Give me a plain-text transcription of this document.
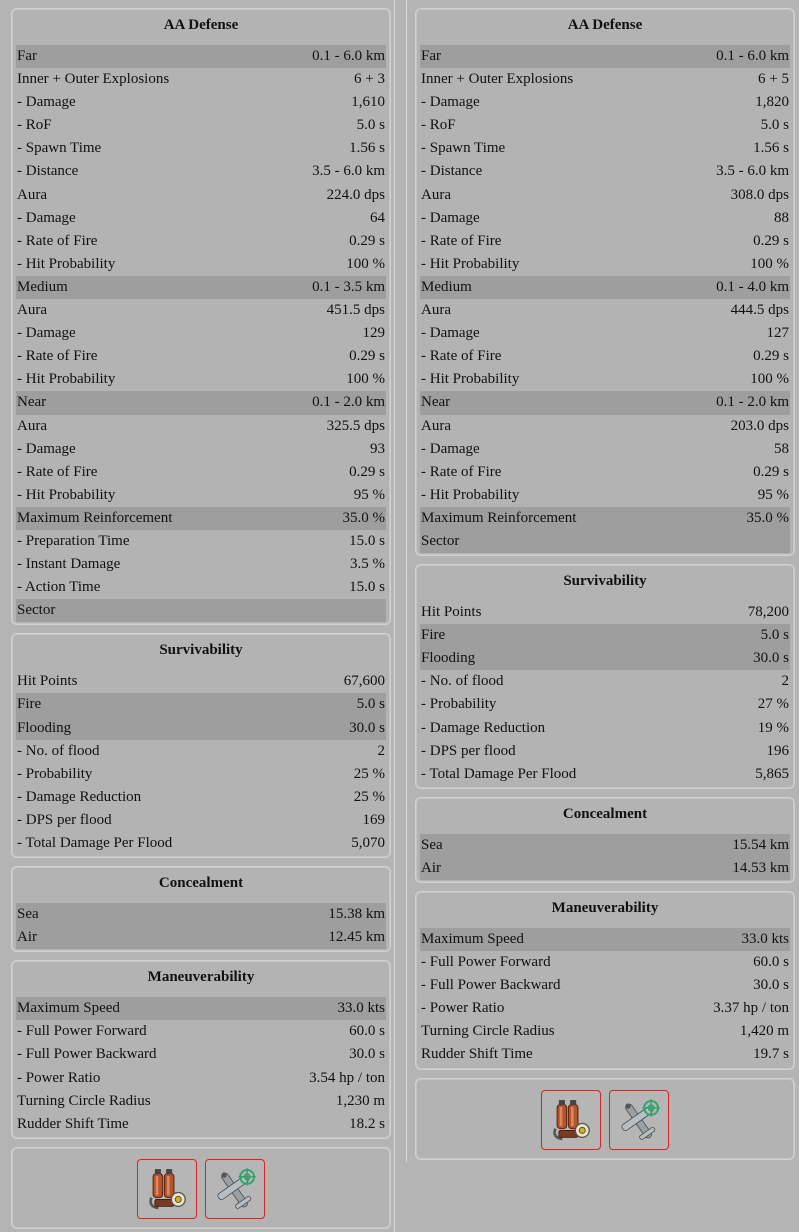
AA Defense
Far	0.1 - 6.0 km
Inner + Outer Explosions	6 + 3
- Damage	1,610
- RoF	5.0 s
- Spawn Time	1.56 s
- Distance	3.5 - 6.0 km
Aura	224.0 dps
- Damage	64
- Rate of Fire	0.29 s
- Hit Probability	100 %
Medium	0.1 - 3.5 km
Aura	451.5 dps
- Damage	129
- Rate of Fire	0.29 s
- Hit Probability	100 %
Near	0.1 - 2.0 km
Aura	325.5 dps
- Damage	93
- Rate of Fire	0.29 s
- Hit Probability	95 %
Maximum Reinforcement	35.0 %
- Preparation Time	15.0 s
- Instant Damage	3.5 %
- Action Time	15.0 s
Sector
Survivability
Hit Points	67,600
Fire	5.0 s
Flooding	30.0 s
- No. of flood	2
- Probability	25 %
- Damage Reduction	25 %
- DPS per flood	169
- Total Damage Per Flood	5,070
Concealment
Sea	15.38 km
Air	12.45 km
Maneuverability
Maximum Speed	33.0 kts
- Full Power Forward	60.0 s
- Full Power Backward	30.0 s
- Power Ratio	3.54 hp / ton
Turning Circle Radius	1,230 m
Rudder Shift Time	18.2 s
AA Defense
Far	0.1 - 6.0 km
Inner + Outer Explosions	6 + 5
- Damage	1,820
- RoF	5.0 s
- Spawn Time	1.56 s
- Distance	3.5 - 6.0 km
Aura	308.0 dps
- Damage	88
- Rate of Fire	0.29 s
- Hit Probability	100 %
Medium	0.1 - 4.0 km
Aura	444.5 dps
- Damage	127
- Rate of Fire	0.29 s
- Hit Probability	100 %
Near	0.1 - 2.0 km
Aura	203.0 dps
- Damage	58
- Rate of Fire	0.29 s
- Hit Probability	95 %
Maximum Reinforcement	35.0 %
Sector
Survivability
Hit Points	78,200
Fire	5.0 s
Flooding	30.0 s
- No. of flood	2
- Probability	27 %
- Damage Reduction	19 %
- DPS per flood	196
- Total Damage Per Flood	5,865
Concealment
Sea	15.54 km
Air	14.53 km
Maneuverability
Maximum Speed	33.0 kts
- Full Power Forward	60.0 s
- Full Power Backward	30.0 s
- Power Ratio	3.37 hp / ton
Turning Circle Radius	1,420 m
Rudder Shift Time	19.7 s
